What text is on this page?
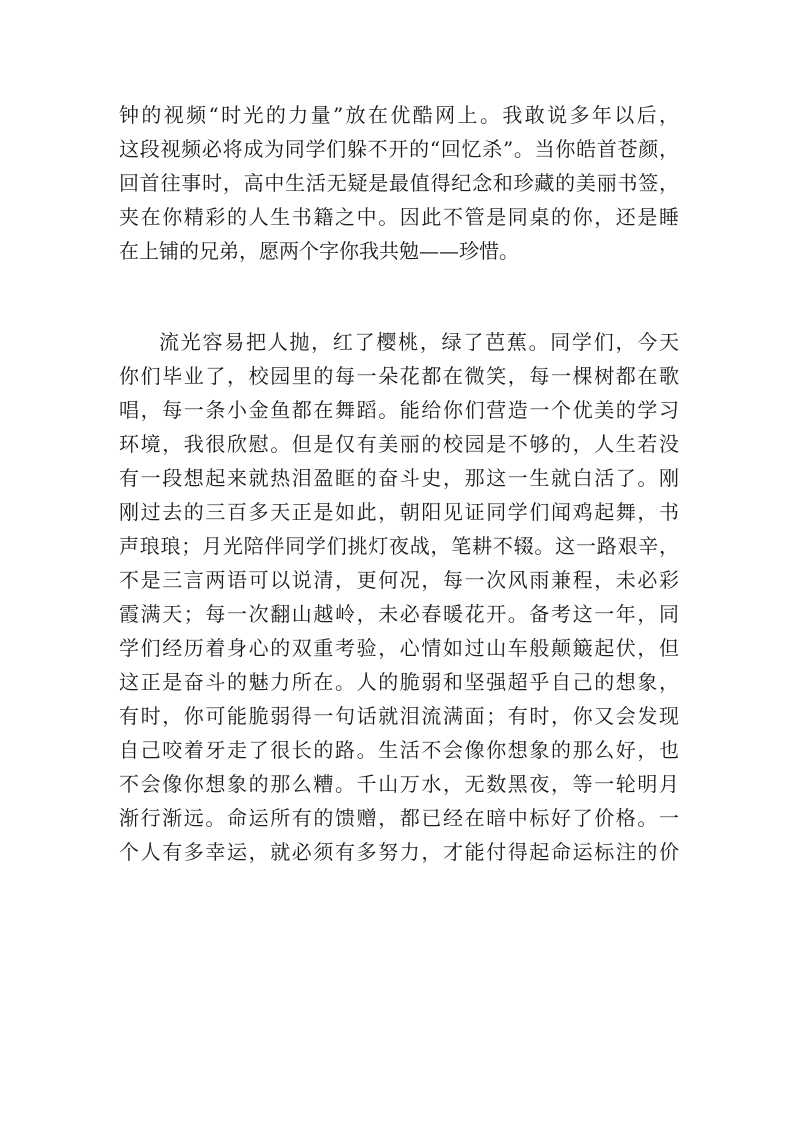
钟的视频“时光的力量”放在优酷网上。我敢说多年以后，
这段视频必将成为同学们躲不开的“回忆杀”。当你皓首苍颜，
回首往事时，高中生活无疑是最值得纪念和珍藏的美丽书签，
夹在你精彩的人生书籍之中。因此不管是同桌的你，还是睡
在上铺的兄弟，愿两个字你我共勉——珍惜。
流光容易把人抛，红了樱桃，绿了芭蕉。同学们，今天
你们毕业了，校园里的每一朵花都在微笑，每一棵树都在歌
唱，每一条小金鱼都在舞蹈。能给你们营造一个优美的学习
环境，我很欣慰。但是仅有美丽的校园是不够的，人生若没
有一段想起来就热泪盈眶的奋斗史，那这一生就白活了。刚
刚过去的三百多天正是如此，朝阳见证同学们闻鸡起舞，书
声琅琅；月光陪伴同学们挑灯夜战，笔耕不辍。这一路艰辛，
不是三言两语可以说清，更何况，每一次风雨兼程，未必彩
霞满天；每一次翻山越岭，未必春暖花开。备考这一年，同
学们经历着身心的双重考验，心情如过山车般颠簸起伏，但
这正是奋斗的魅力所在。人的脆弱和坚强超乎自己的想象，
有时，你可能脆弱得一句话就泪流满面；有时，你又会发现
自己咬着牙走了很长的路。生活不会像你想象的那么好，也
不会像你想象的那么糟。千山万水，无数黑夜，等一轮明月
渐行渐远。命运所有的馈赠，都已经在暗中标好了价格。一
个人有多幸运，就必须有多努力，才能付得起命运标注的价
